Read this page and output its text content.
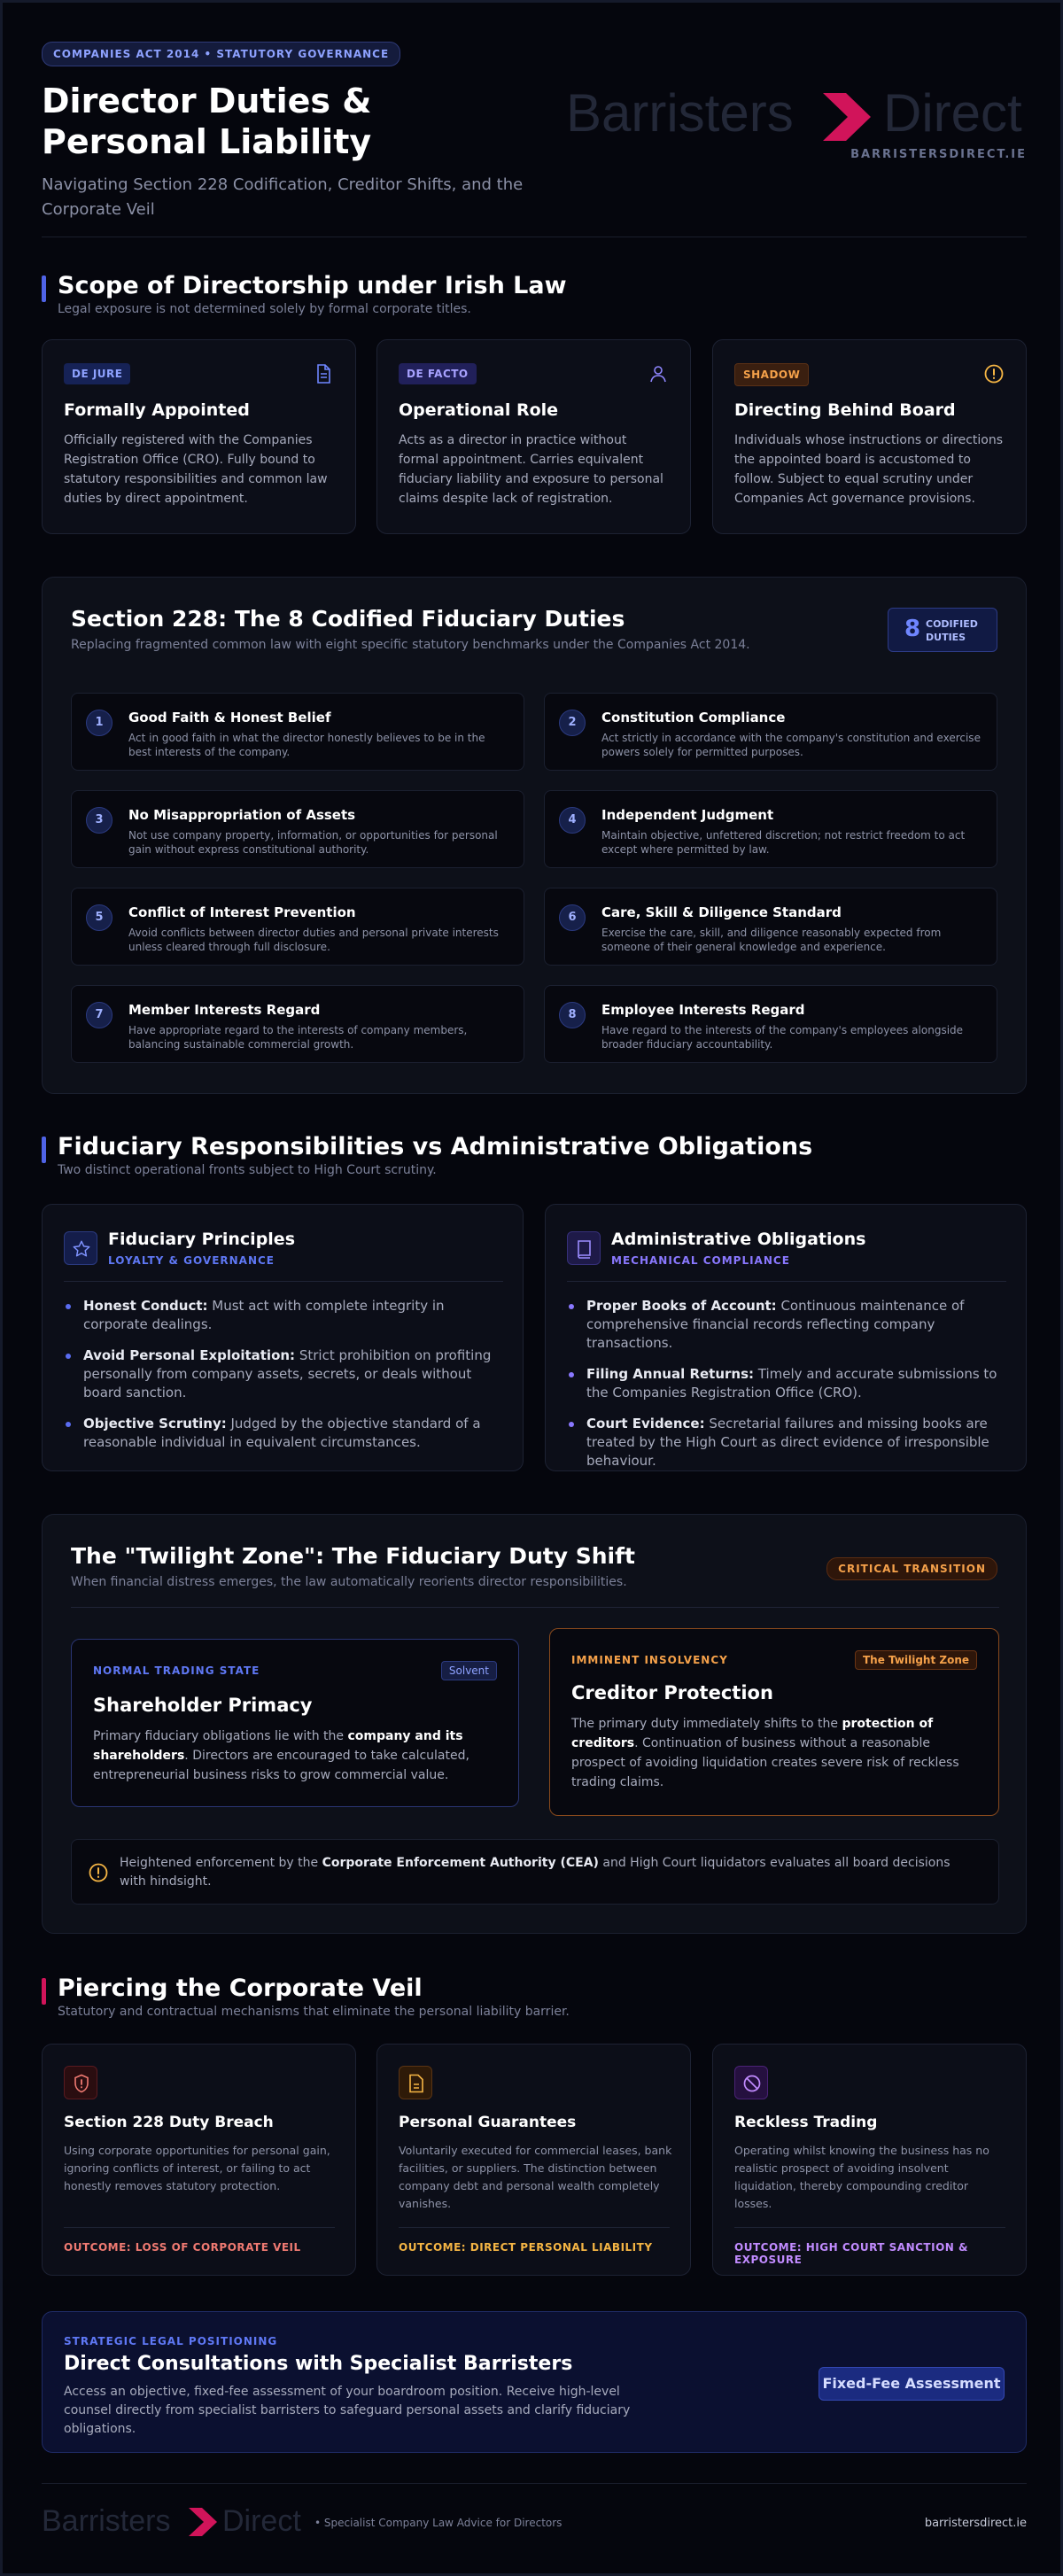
COMPANIES ACT 2014 • STATUTORY GOVERNANCE
Director Duties & Personal Liability
Navigating Section 228 Codification, Creditor Shifts, and the Corporate Veil
Barristers Direct
BARRISTERSDIRECT.IE
Scope of Directorship under Irish Law
Legal exposure is not determined solely by formal corporate titles.
DE JURE
Formally Appointed
Officially registered with the Companies Registration Office (CRO). Fully bound to statutory responsibilities and common law duties by direct appointment.
DE FACTO
Operational Role
Acts as a director in practice without formal appointment. Carries equivalent fiduciary liability and exposure to personal claims despite lack of registration.
SHADOW
Directing Behind Board
Individuals whose instructions or directions the appointed board is accustomed to follow. Subject to equal scrutiny under Companies Act governance provisions.
Section 228: The 8 Codified Fiduciary Duties
Replacing fragmented common law with eight specific statutory benchmarks under the Companies Act 2014.
8 CODIFIED
DUTIES
1	Good Faith & Honest Belief
Act in good faith in what the director honestly believes to be in the best interests of the company.
2	Constitution Compliance
Act strictly in accordance with the company's constitution and exercise powers solely for permitted purposes.
3	No Misappropriation of Assets
Not use company property, information, or opportunities for personal gain without express constitutional authority.
4	Independent Judgment
Maintain objective, unfettered discretion; not restrict freedom to act except where permitted by law.
5	Conflict of Interest Prevention
Avoid conflicts between director duties and personal private interests unless cleared through full disclosure.
6	Care, Skill & Diligence Standard
Exercise the care, skill, and diligence reasonably expected from someone of their general knowledge and experience.
7	Member Interests Regard
Have appropriate regard to the interests of company members, balancing sustainable commercial growth.
8	Employee Interests Regard
Have regard to the interests of the company's employees alongside broader fiduciary accountability.
Fiduciary Responsibilities vs Administrative Obligations
Two distinct operational fronts subject to High Court scrutiny.
Fiduciary Principles
LOYALTY & GOVERNANCE
Honest Conduct: Must act with complete integrity in corporate dealings.
Avoid Personal Exploitation: Strict prohibition on profiting personally from company assets, secrets, or deals without board sanction.
Objective Scrutiny: Judged by the objective standard of a reasonable individual in equivalent circumstances.
Administrative Obligations
MECHANICAL COMPLIANCE
Proper Books of Account: Continuous maintenance of comprehensive financial records reflecting company transactions.
Filing Annual Returns: Timely and accurate submissions to the Companies Registration Office (CRO).
Court Evidence: Secretarial failures and missing books are treated by the High Court as direct evidence of irresponsible behaviour.
The "Twilight Zone": The Fiduciary Duty Shift
When financial distress emerges, the law automatically reorients director responsibilities.
CRITICAL TRANSITION
NORMAL TRADING STATE	Solvent
Shareholder Primacy
Primary fiduciary obligations lie with the company and its shareholders. Directors are encouraged to take calculated, entrepreneurial business risks to grow commercial value.
IMMINENT INSOLVENCY	The Twilight Zone
Creditor Protection
The primary duty immediately shifts to the protection of creditors. Continuation of business without a reasonable prospect of avoiding liquidation creates severe risk of reckless trading claims.
Heightened enforcement by the Corporate Enforcement Authority (CEA) and High Court liquidators evaluates all board decisions with hindsight.
Piercing the Corporate Veil
Statutory and contractual mechanisms that eliminate the personal liability barrier.
Section 228 Duty Breach
Using corporate opportunities for personal gain, ignoring conflicts of interest, or failing to act honestly removes statutory protection.
OUTCOME: LOSS OF CORPORATE VEIL
Personal Guarantees
Voluntarily executed for commercial leases, bank facilities, or suppliers. The distinction between company debt and personal wealth completely vanishes.
OUTCOME: DIRECT PERSONAL LIABILITY
Reckless Trading
Operating whilst knowing the business has no realistic prospect of avoiding insolvent liquidation, thereby compounding creditor losses.
OUTCOME: HIGH COURT SANCTION & EXPOSURE
STRATEGIC LEGAL POSITIONING
Direct Consultations with Specialist Barristers
Access an objective, fixed-fee assessment of your boardroom position. Receive high-level counsel directly from specialist barristers to safeguard personal assets and clarify fiduciary obligations.
Fixed-Fee Assessment
Barristers Direct • Specialist Company Law Advice for Directors	barristersdirect.ie
